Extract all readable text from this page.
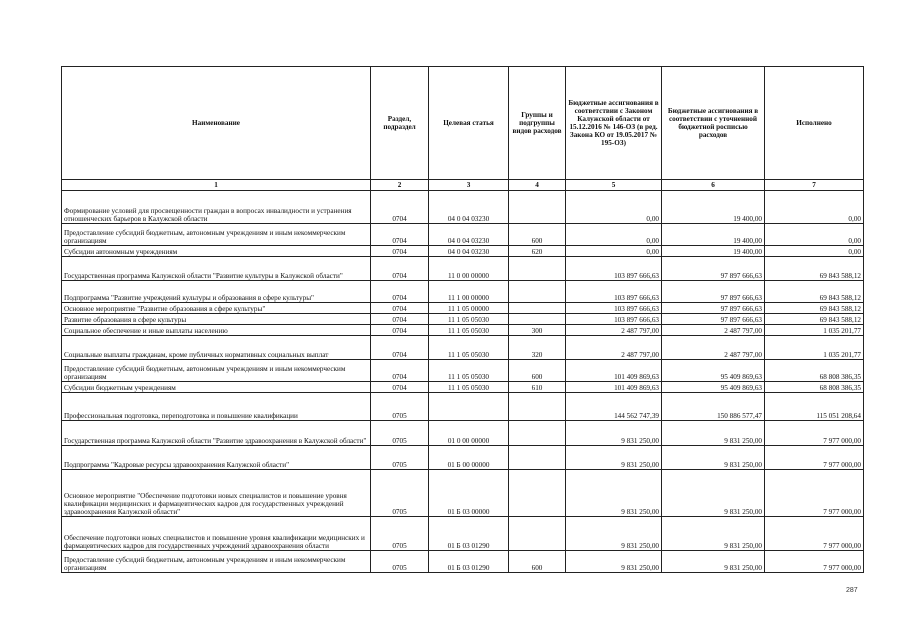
Наименование	Раздел, подраздел	Целевая статья	Группы и подгруппы видов расходов	Бюджетные ассигнования в соответствии с Законом Калужской области от 15.12.2016 № 146-ОЗ (в ред. Закона КО от 19.05.2017 № 195-ОЗ)	Бюджетные ассигнования в соответствии с уточненной бюджетной росписью расходов	Исполнено
1	2	3	4	5	6	7
Формирование условий для просвещенности граждан в вопросах инвалидности и устранения отношенческих барьеров в Калужской области	0704	04 0 04 03230		0,00	19 400,00	0,00
Предоставление субсидий бюджетным, автономным учреждениям и иным некоммерческим организациям	0704	04 0 04 03230	600	0,00	19 400,00	0,00
Субсидии автономным учреждениям	0704	04 0 04 03230	620	0,00	19 400,00	0,00
Государственная программа Калужской области "Развитие культуры в Калужской области"	0704	11 0 00 00000		103 897 666,63	97 897 666,63	69 843 588,12
Подпрограмма "Развитие учреждений культуры и образования в сфере культуры"	0704	11 1 00 00000		103 897 666,63	97 897 666,63	69 843 588,12
Основное мероприятие "Развитие образования в сфере культуры"	0704	11 1 05 00000		103 897 666,63	97 897 666,63	69 843 588,12
Развитие образования в сфере культуры	0704	11 1 05 05030		103 897 666,63	97 897 666,63	69 843 588,12
Социальное обеспечение и иные выплаты населению	0704	11 1 05 05030	300	2 487 797,00	2 487 797,00	1 035 201,77
Социальные выплаты гражданам, кроме публичных нормативных социальных выплат	0704	11 1 05 05030	320	2 487 797,00	2 487 797,00	1 035 201,77
Предоставление субсидий бюджетным, автономным учреждениям и иным некоммерческим организациям	0704	11 1 05 05030	600	101 409 869,63	95 409 869,63	68 808 386,35
Субсидии бюджетным учреждениям	0704	11 1 05 05030	610	101 409 869,63	95 409 869,63	68 808 386,35
Профессиональная подготовка, переподготовка и повышение квалификации	0705			144 562 747,39	150 886 577,47	115 051 208,64
Государственная программа Калужской области "Развитие здравоохранения в Калужской области"	0705	01 0 00 00000		9 831 250,00	9 831 250,00	7 977 000,00
Подпрограмма "Кадровые ресурсы здравоохранения Калужской области"	0705	01 Б 00 00000		9 831 250,00	9 831 250,00	7 977 000,00
Основное мероприятие "Обеспечение подготовки новых специалистов и повышение уровня квалификации медицинских и фармацевтических кадров для государственных учреждений здравоохранения Калужской области"	0705	01 Б 03 00000		9 831 250,00	9 831 250,00	7 977 000,00
Обеспечение подготовки новых специалистов и повышение уровня квалификации медицинских и фармацевтических кадров для государственных учреждений здравоохранения области	0705	01 Б 03 01290		9 831 250,00	9 831 250,00	7 977 000,00
Предоставление субсидий бюджетным, автономным учреждениям и иным некоммерческим организациям	0705	01 Б 03 01290	600	9 831 250,00	9 831 250,00	7 977 000,00
287
